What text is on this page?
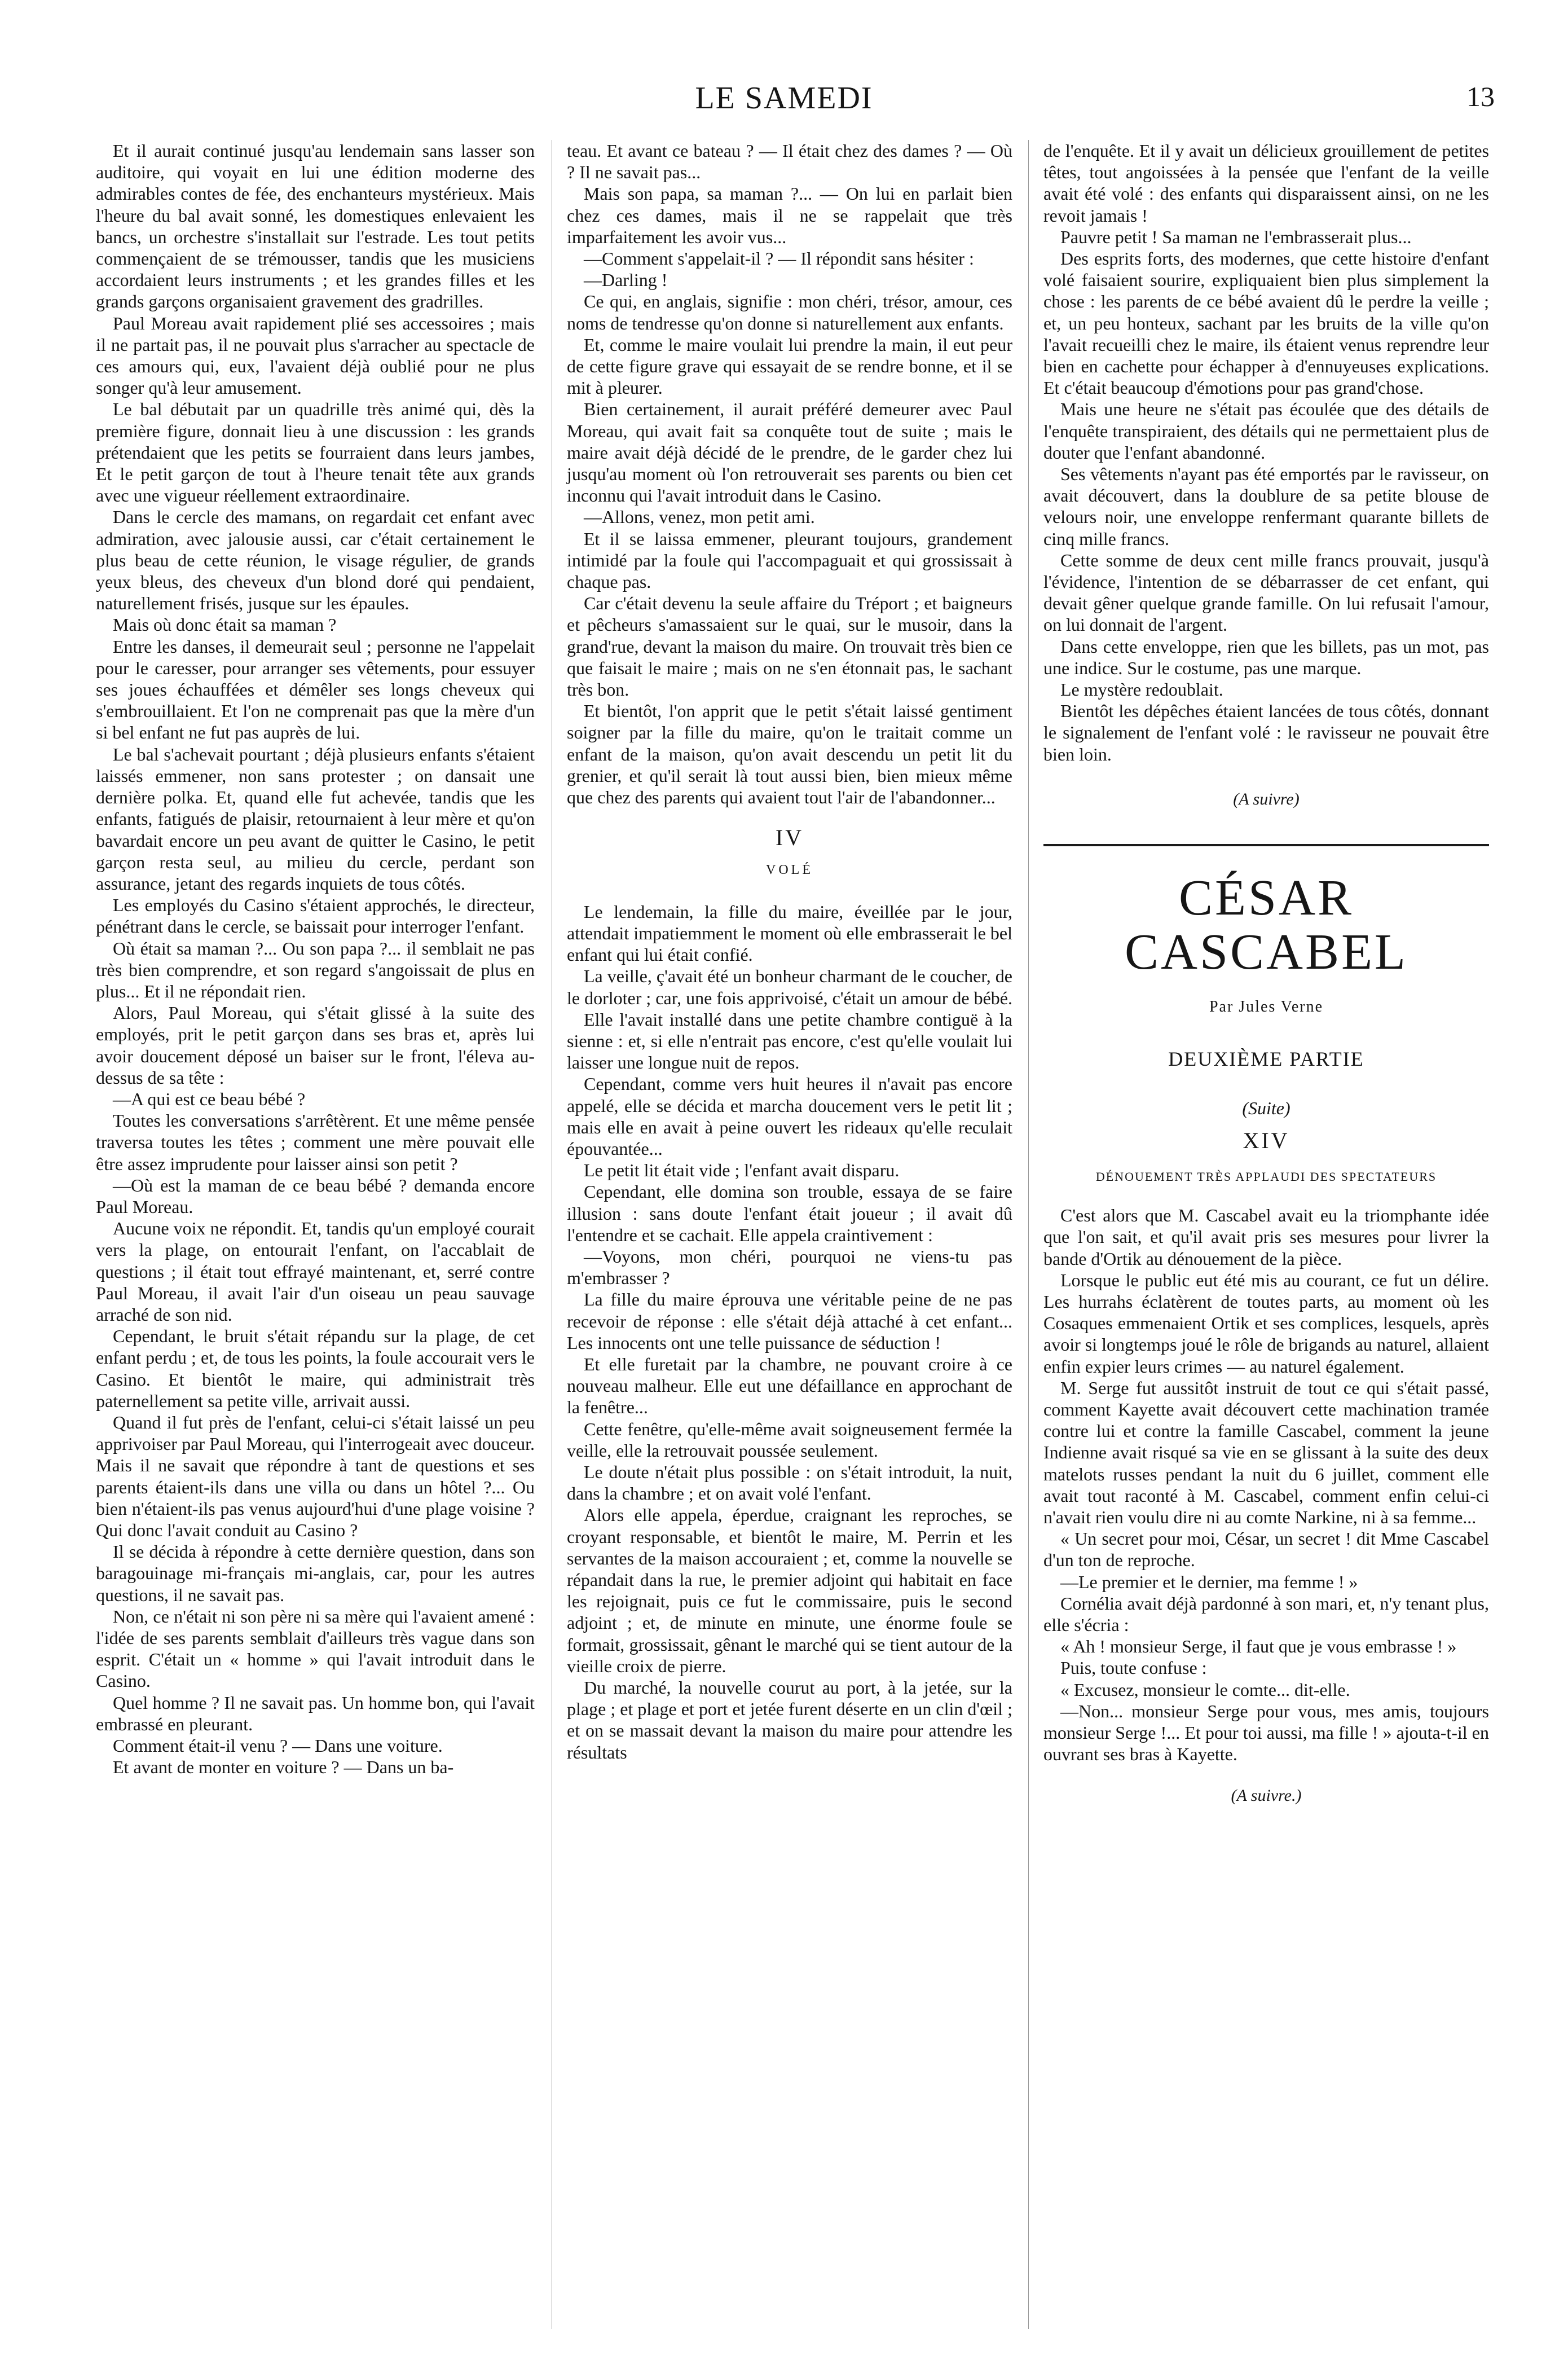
LE SAMEDI	13

Et il aurait continué jusqu'au lendemain sans lasser son auditoire, qui voyait en lui une édition moderne des admirables contes de fée, des enchanteurs mystérieux. Mais l'heure du bal avait sonné, les domestiques enlevaient les bancs, un orchestre s'installait sur l'estrade. Les tout petits commençaient de se trémousser, tandis que les musiciens accordaient leurs instruments ; et les grandes filles et les grands garçons organisaient gravement des gradrilles.

Paul Moreau avait rapidement plié ses accessoires ; mais il ne partait pas, il ne pouvait plus s'arracher au spectacle de ces amours qui, eux, l'avaient déjà oublié pour ne plus songer qu'à leur amusement.

Le bal débutait par un quadrille très animé qui, dès la première figure, donnait lieu à une discussion : les grands prétendaient que les petits se fourraient dans leurs jambes, Et le petit garçon de tout à l'heure tenait tête aux grands avec une vigueur réellement extraordinaire.

Dans le cercle des mamans, on regardait cet enfant avec admiration, avec jalousie aussi, car c'était certainement le plus beau de cette réunion, le visage régulier, de grands yeux bleus, des cheveux d'un blond doré qui pendaient, naturellement frisés, jusque sur les épaules.

Mais où donc était sa maman ?

Entre les danses, il demeurait seul ; personne ne l'appelait pour le caresser, pour arranger ses vêtements, pour essuyer ses joues échauffées et démêler ses longs cheveux qui s'embrouillaient. Et l'on ne comprenait pas que la mère d'un si bel enfant ne fut pas auprès de lui.

Le bal s'achevait pourtant ; déjà plusieurs enfants s'étaient laissés emmener, non sans protester ; on dansait une dernière polka. Et, quand elle fut achevée, tandis que les enfants, fatigués de plaisir, retournaient à leur mère et qu'on bavardait encore un peu avant de quitter le Casino, le petit garçon resta seul, au milieu du cercle, perdant son assurance, jetant des regards inquiets de tous côtés.

Les employés du Casino s'étaient approchés, le directeur, pénétrant dans le cercle, se baissait pour interroger l'enfant.

Où était sa maman ?... Ou son papa ?... il semblait ne pas très bien comprendre, et son regard s'angoissait de plus en plus... Et il ne répondait rien.

Alors, Paul Moreau, qui s'était glissé à la suite des employés, prit le petit garçon dans ses bras et, après lui avoir doucement déposé un baiser sur le front, l'éleva au-dessus de sa tête :

—A qui est ce beau bébé ?

Toutes les conversations s'arrêtèrent. Et une même pensée traversa toutes les têtes ; comment une mère pouvait elle être assez imprudente pour laisser ainsi son petit ?

—Où est la maman de ce beau bébé ? demanda encore Paul Moreau.

Aucune voix ne répondit. Et, tandis qu'un employé courait vers la plage, on entourait l'enfant, on l'accablait de questions ; il était tout effrayé maintenant, et, serré contre Paul Moreau, il avait l'air d'un oiseau un peau sauvage arraché de son nid.

Cependant, le bruit s'était répandu sur la plage, de cet enfant perdu ; et, de tous les points, la foule accourait vers le Casino. Et bientôt le maire, qui administrait très paternellement sa petite ville, arrivait aussi.

Quand il fut près de l'enfant, celui-ci s'était laissé un peu apprivoiser par Paul Moreau, qui l'interrogeait avec douceur. Mais il ne savait que répondre à tant de questions et ses parents étaient-ils dans une villa ou dans un hôtel ?... Ou bien n'étaient-ils pas venus aujourd'hui d'une plage voisine ? Qui donc l'avait conduit au Casino ?

Il se décida à répondre à cette dernière question, dans son baragouinage mi-français mi-anglais, car, pour les autres questions, il ne savait pas.

Non, ce n'était ni son père ni sa mère qui l'avaient amené : l'idée de ses parents semblait d'ailleurs très vague dans son esprit. C'était un « homme » qui l'avait introduit dans le Casino.

Quel homme ? Il ne savait pas. Un homme bon, qui l'avait embrassé en pleurant.

Comment était-il venu ? — Dans une voiture.

Et avant de monter en voiture ? — Dans un ba-

teau. Et avant ce bateau ? — Il était chez des dames ? — Où ? Il ne savait pas...

Mais son papa, sa maman ?... — On lui en parlait bien chez ces dames, mais il ne se rappelait que très imparfaitement les avoir vus...

—Comment s'appelait-il ? — Il répondit sans hésiter :

—Darling !

Ce qui, en anglais, signifie : mon chéri, trésor, amour, ces noms de tendresse qu'on donne si naturellement aux enfants.

Et, comme le maire voulait lui prendre la main, il eut peur de cette figure grave qui essayait de se rendre bonne, et il se mit à pleurer.

Bien certainement, il aurait préféré demeurer avec Paul Moreau, qui avait fait sa conquête tout de suite ; mais le maire avait déjà décidé de le prendre, de le garder chez lui jusqu'au moment où l'on retrouverait ses parents ou bien cet inconnu qui l'avait introduit dans le Casino.

—Allons, venez, mon petit ami.

Et il se laissa emmener, pleurant toujours, grandement intimidé par la foule qui l'accompaguait et qui grossissait à chaque pas.

Car c'était devenu la seule affaire du Tréport ; et baigneurs et pêcheurs s'amassaient sur le quai, sur le musoir, dans la grand'rue, devant la maison du maire. On trouvait très bien ce que faisait le maire ; mais on ne s'en étonnait pas, le sachant très bon.

Et bientôt, l'on apprit que le petit s'était laissé gentiment soigner par la fille du maire, qu'on le traitait comme un enfant de la maison, qu'on avait descendu un petit lit du grenier, et qu'il serait là tout aussi bien, bien mieux même que chez des parents qui avaient tout l'air de l'abandonner...

IV
VOLÉ

Le lendemain, la fille du maire, éveillée par le jour, attendait impatiemment le moment où elle embrasserait le bel enfant qui lui était confié.

La veille, ç'avait été un bonheur charmant de le coucher, de le dorloter ; car, une fois apprivoisé, c'était un amour de bébé.

Elle l'avait installé dans une petite chambre contiguë à la sienne : et, si elle n'entrait pas encore, c'est qu'elle voulait lui laisser une longue nuit de repos.

Cependant, comme vers huit heures il n'avait pas encore appelé, elle se décida et marcha doucement vers le petit lit ; mais elle en avait à peine ouvert les rideaux qu'elle reculait épouvantée...

Le petit lit était vide ; l'enfant avait disparu.

Cependant, elle domina son trouble, essaya de se faire illusion : sans doute l'enfant était joueur ; il avait dû l'entendre et se cachait. Elle appela craintivement :

—Voyons, mon chéri, pourquoi ne viens-tu pas m'embrasser ?

La fille du maire éprouva une véritable peine de ne pas recevoir de réponse : elle s'était déjà attaché à cet enfant... Les innocents ont une telle puissance de séduction !

Et elle furetait par la chambre, ne pouvant croire à ce nouveau malheur. Elle eut une défaillance en approchant de la fenêtre...

Cette fenêtre, qu'elle-même avait soigneusement fermée la veille, elle la retrouvait poussée seulement.

Le doute n'était plus possible : on s'était introduit, la nuit, dans la chambre ; et on avait volé l'enfant.

Alors elle appela, éperdue, craignant les reproches, se croyant responsable, et bientôt le maire, M. Perrin et les servantes de la maison accouraient ; et, comme la nouvelle se répandait dans la rue, le premier adjoint qui habitait en face les rejoignait, puis ce fut le commissaire, puis le second adjoint ; et, de minute en minute, une énorme foule se formait, grossissait, gênant le marché qui se tient autour de la vieille croix de pierre.

Du marché, la nouvelle courut au port, à la jetée, sur la plage ; et plage et port et jetée furent déserte en un clin d'œil ; et on se massait devant la maison du maire pour attendre les résultats

de l'enquête. Et il y avait un délicieux grouillement de petites têtes, tout angoissées à la pensée que l'enfant de la veille avait été volé : des enfants qui disparaissent ainsi, on ne les revoit jamais !

Pauvre petit ! Sa maman ne l'embrasserait plus...

Des esprits forts, des modernes, que cette histoire d'enfant volé faisaient sourire, expliquaient bien plus simplement la chose : les parents de ce bébé avaient dû le perdre la veille ; et, un peu honteux, sachant par les bruits de la ville qu'on l'avait recueilli chez le maire, ils étaient venus reprendre leur bien en cachette pour échapper à d'ennuyeuses explications. Et c'était beaucoup d'émotions pour pas grand'chose.

Mais une heure ne s'était pas écoulée que des détails de l'enquête transpiraient, des détails qui ne permettaient plus de douter que l'enfant abandonné.

Ses vêtements n'ayant pas été emportés par le ravisseur, on avait découvert, dans la doublure de sa petite blouse de velours noir, une enveloppe renfermant quarante billets de cinq mille francs.

Cette somme de deux cent mille francs prouvait, jusqu'à l'évidence, l'intention de se débarrasser de cet enfant, qui devait gêner quelque grande famille. On lui refusait l'amour, on lui donnait de l'argent.

Dans cette enveloppe, rien que les billets, pas un mot, pas une indice. Sur le costume, pas une marque.

Le mystère redoublait.

Bientôt les dépêches étaient lancées de tous côtés, donnant le signalement de l'enfant volé : le ravisseur ne pouvait être bien loin.

(A suivre)
CÉSAR CASCABEL
Par Jules Verne
DEUXIÈME PARTIE
(Suite)
XIV
DÉNOUEMENT TRÈS APPLAUDI DES SPECTATEURS

C'est alors que M. Cascabel avait eu la triomphante idée que l'on sait, et qu'il avait pris ses mesures pour livrer la bande d'Ortik au dénouement de la pièce.

Lorsque le public eut été mis au courant, ce fut un délire. Les hurrahs éclatèrent de toutes parts, au moment où les Cosaques emmenaient Ortik et ses complices, lesquels, après avoir si longtemps joué le rôle de brigands au naturel, allaient enfin expier leurs crimes — au naturel également.

M. Serge fut aussitôt instruit de tout ce qui s'était passé, comment Kayette avait découvert cette machination tramée contre lui et contre la famille Cascabel, comment la jeune Indienne avait risqué sa vie en se glissant à la suite des deux matelots russes pendant la nuit du 6 juillet, comment elle avait tout raconté à M. Cascabel, comment enfin celui-ci n'avait rien voulu dire ni au comte Narkine, ni à sa femme...

« Un secret pour moi, César, un secret ! dit Mme Cascabel d'un ton de reproche.

—Le premier et le dernier, ma femme ! »

Cornélia avait déjà pardonné à son mari, et, n'y tenant plus, elle s'écria :

« Ah ! monsieur Serge, il faut que je vous embrasse ! »

Puis, toute confuse :

« Excusez, monsieur le comte... dit-elle.

—Non... monsieur Serge pour vous, mes amis, toujours monsieur Serge !... Et pour toi aussi, ma fille ! » ajouta-t-il en ouvrant ses bras à Kayette.

(A suivre.)
